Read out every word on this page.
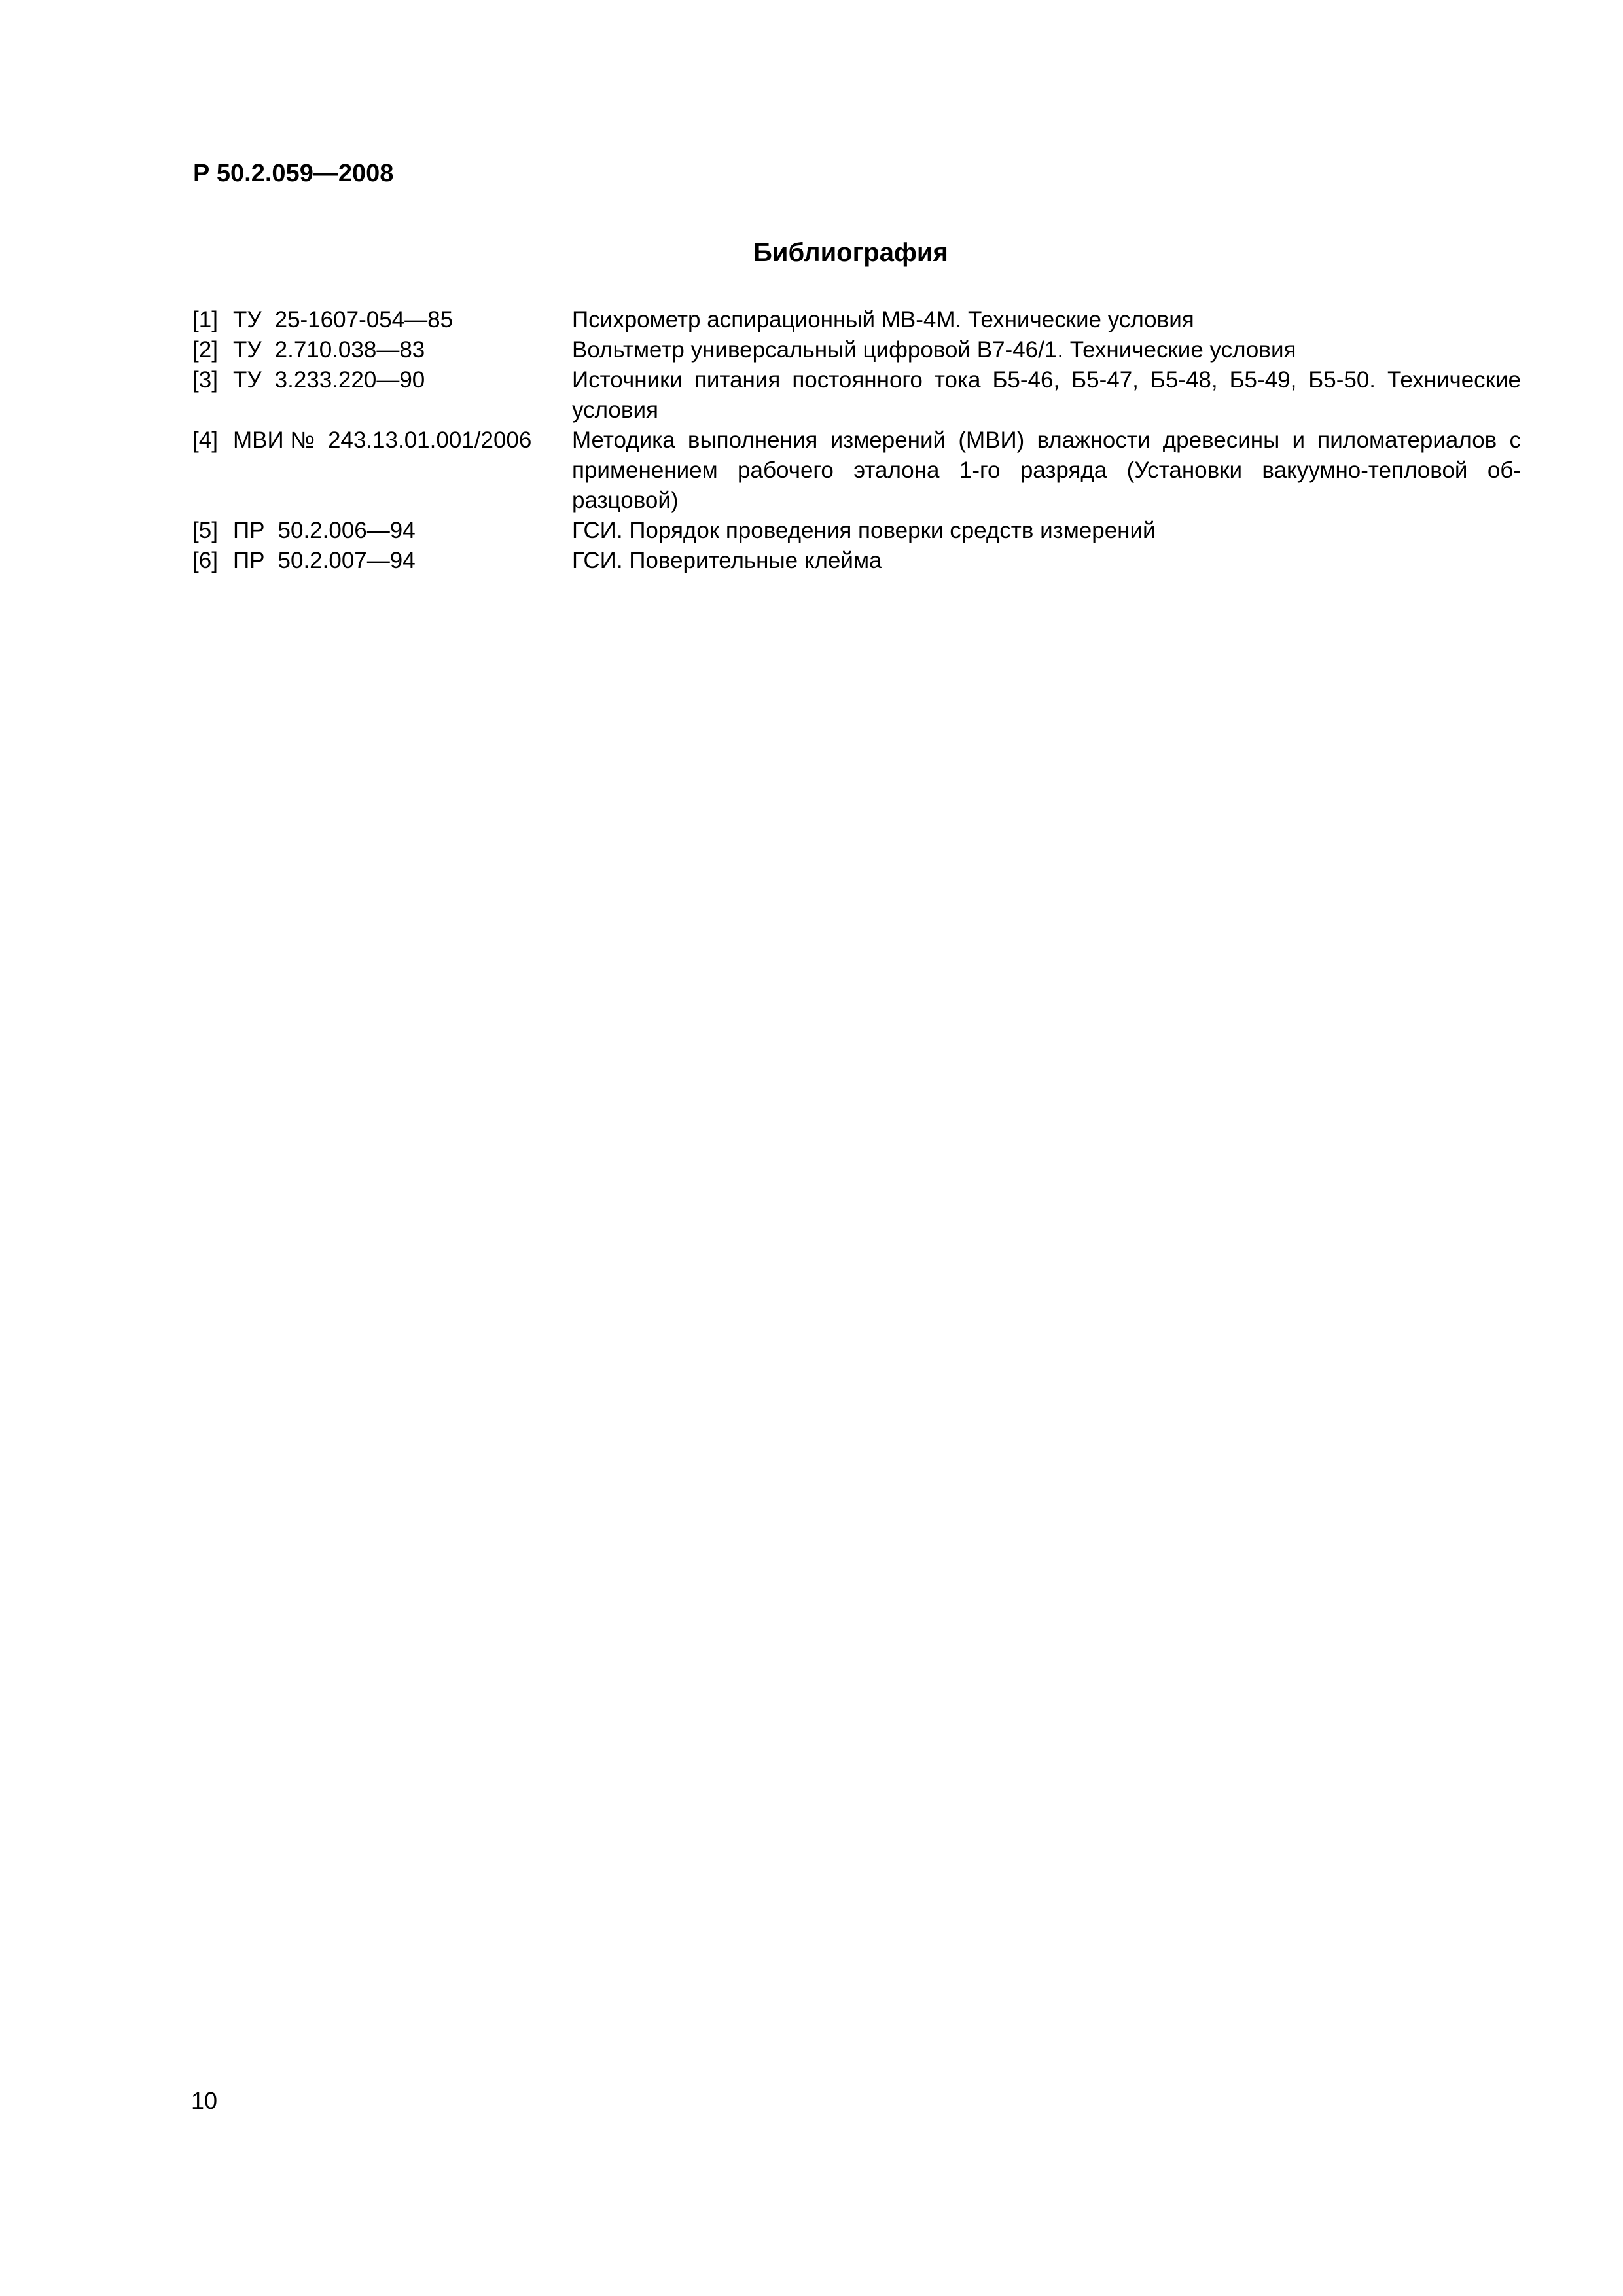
Р 50.2.059—2008
Библиография
[1] ТУ 25-1607-054—85	Психрометр аспирационный МВ-4М. Технические условия
[2] ТУ 2.710.038—83	Вольтметр универсальный цифровой В7-46/1. Технические условия
[3] ТУ 3.233.220—90	Источники питания постоянного тока Б5-46, Б5-47, Б5-48, Б5-49, Б5-50. Технические условия
[4] МВИ № 243.13.01.001/2006	Методика выполнения измерений (МВИ) влажности древесины и пиломатериалов с применением рабочего эталона 1-го разряда (Установки вакуумно-тепловой образцовой)
[5] ПР 50.2.006—94	ГСИ. Порядок проведения поверки средств измерений
[6] ПР 50.2.007—94	ГСИ. Поверительные клейма
10
